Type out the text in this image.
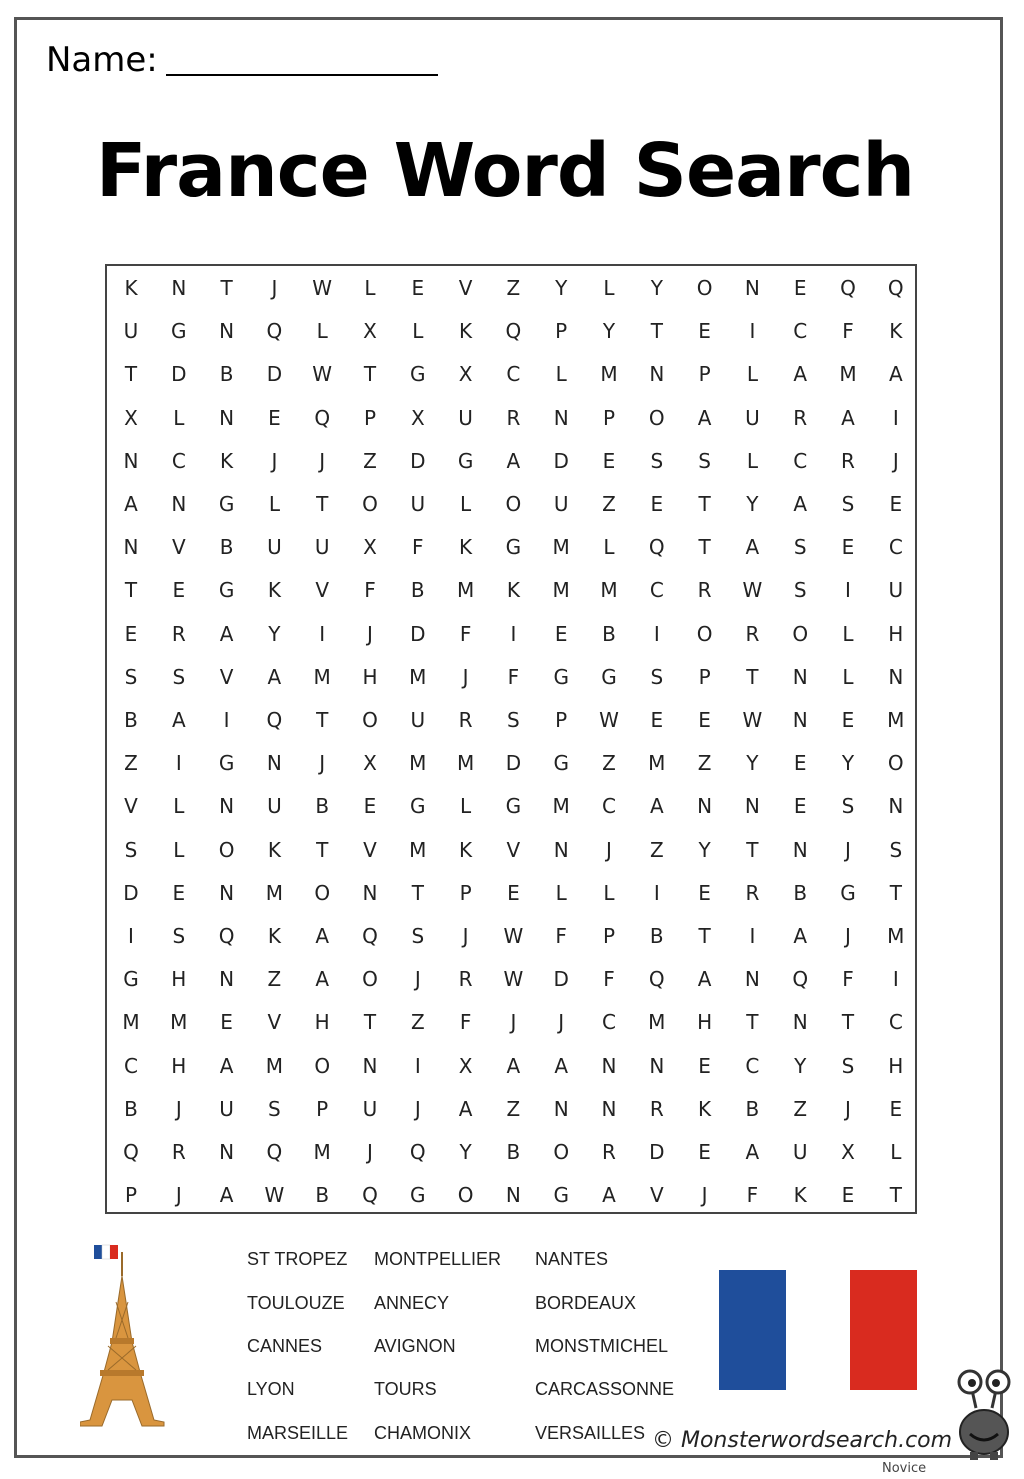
Name:
France Word Search
K	N	T	J	W	L	E	V	Z	Y	L	Y	O	N	E	Q	Q
U	G	N	Q	L	X	L	K	Q	P	Y	T	E	I	C	F	K
T	D	B	D	W	T	G	X	C	L	M	N	P	L	A	M	A
X	L	N	E	Q	P	X	U	R	N	P	O	A	U	R	A	I
N	C	K	J	J	Z	D	G	A	D	E	S	S	L	C	R	J
A	N	G	L	T	O	U	L	O	U	Z	E	T	Y	A	S	E
N	V	B	U	U	X	F	K	G	M	L	Q	T	A	S	E	C
T	E	G	K	V	F	B	M	K	M	M	C	R	W	S	I	U
E	R	A	Y	I	J	D	F	I	E	B	I	O	R	O	L	H
S	S	V	A	M	H	M	J	F	G	G	S	P	T	N	L	N
B	A	I	Q	T	O	U	R	S	P	W	E	E	W	N	E	M
Z	I	G	N	J	X	M	M	D	G	Z	M	Z	Y	E	Y	O
V	L	N	U	B	E	G	L	G	M	C	A	N	N	E	S	N
S	L	O	K	T	V	M	K	V	N	J	Z	Y	T	N	J	S
D	E	N	M	O	N	T	P	E	L	L	I	E	R	B	G	T
I	S	Q	K	A	Q	S	J	W	F	P	B	T	I	A	J	M
G	H	N	Z	A	O	J	R	W	D	F	Q	A	N	Q	F	I
M	M	E	V	H	T	Z	F	J	J	C	M	H	T	N	T	C
C	H	A	M	O	N	I	X	A	A	N	N	E	C	Y	S	H
B	J	U	S	P	U	J	A	Z	N	N	R	K	B	Z	J	E
Q	R	N	Q	M	J	Q	Y	B	O	R	D	E	A	U	X	L
P	J	A	W	B	Q	G	O	N	G	A	V	J	F	K	E	T
ST TROPEZ
TOULOUZE
CANNES
LYON
MARSEILLE
MONTPELLIER
ANNECY
AVIGNON
TOURS
CHAMONIX
NANTES
BORDEAUX
MONSTMICHEL
CARCASSONNE
VERSAILLES © Monsterwordsearch.com
Novice
